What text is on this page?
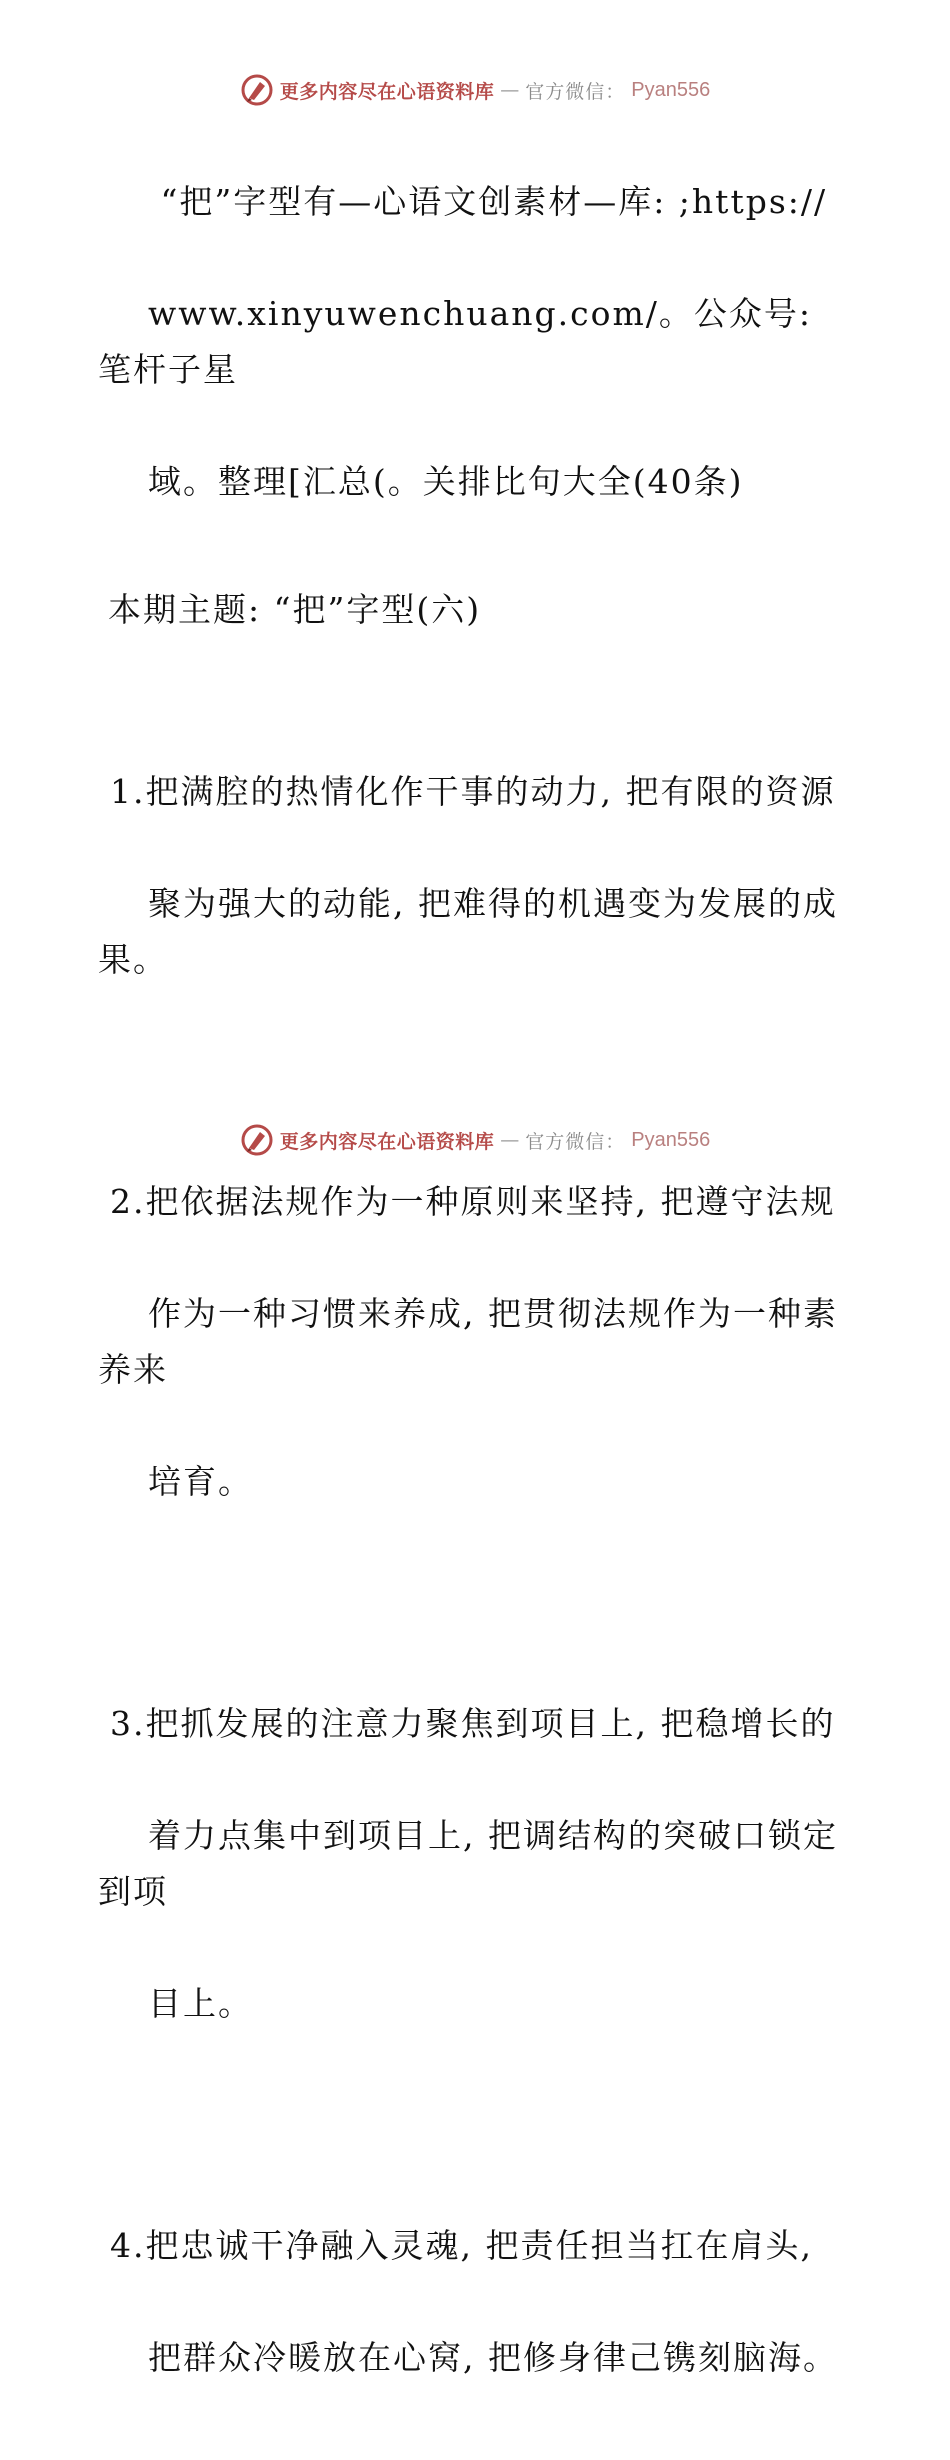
更多内容尽在心语资料库 — 官方微信： Pyan556

“把”字型有—心语文创素材—库: ;https://

www.xinyuwenchuang.com/。公众号: 笔杆子星

域。整理[汇总(。关排比句大全(40条)

本期主题: “把”字型(六)

1.把满腔的热情化作干事的动力, 把有限的资源

聚为强大的动能, 把难得的机遇变为发展的成果。

2.把依据法规作为一种原则来坚持, 把遵守法规

作为一种习惯来养成, 把贯彻法规作为一种素养来

培育。

3.把抓发展的注意力聚焦到项目上, 把稳增长的

着力点集中到项目上, 把调结构的突破口锁定到项

目上。

4.把忠诚干净融入灵魂, 把责任担当扛在肩头,

把群众冷暖放在心窝, 把修身律己镌刻脑海。

更多内容尽在心语资料库 — 官方微信： Pyan556
